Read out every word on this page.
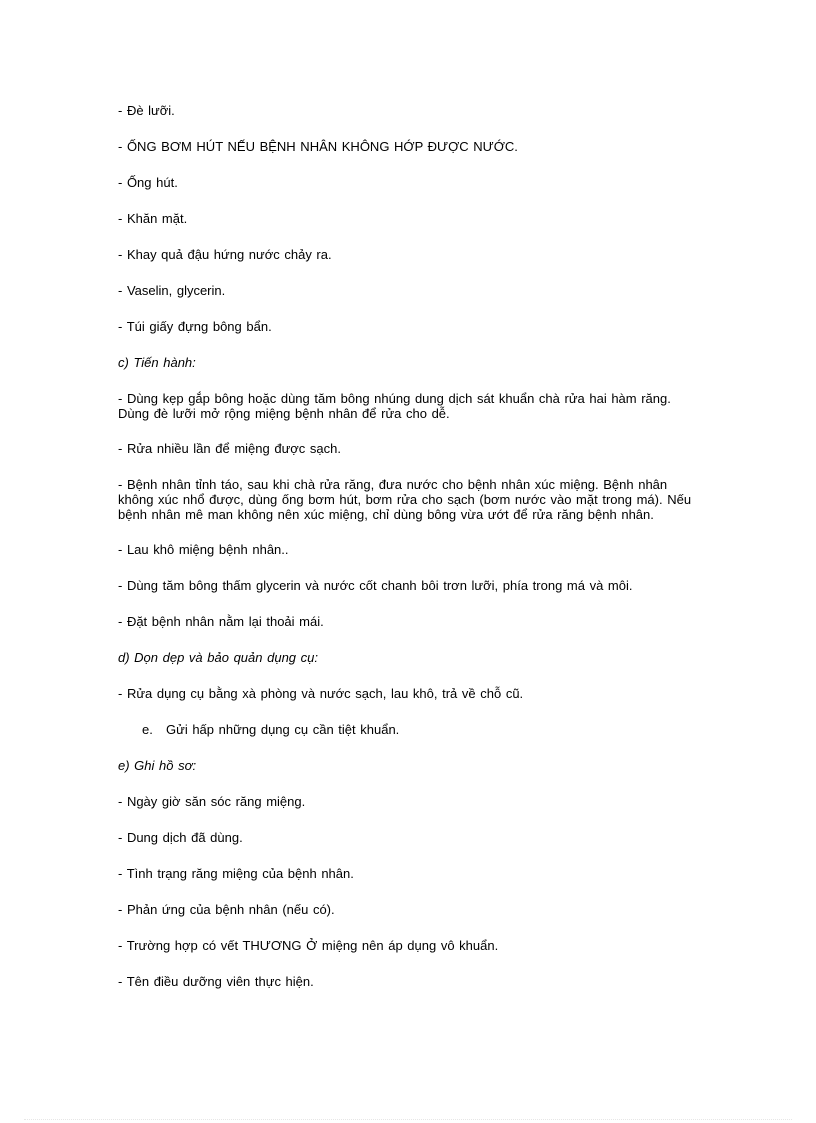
- Đè lưỡi.
- ỐNG BƠM HÚT NẾU BỆNH NHÂN KHÔNG HỚP ĐƯỢC NƯỚC.
- Ống hút.
- Khăn mặt.
- Khay quả đậu hứng nước chảy ra.
- Vaselin, glycerin.
- Túi giấy đựng bông bẩn.
c) Tiến hành:
- Dùng kẹp gắp bông hoặc dùng tăm bông nhúng dung dịch sát khuẩn chà rửa hai hàm răng. Dùng đè lưỡi mở rộng miệng bệnh nhân để rửa cho dễ.
- Rửa nhiều lần để miệng được sạch.
- Bệnh nhân tỉnh táo, sau khi chà rửa răng, đưa nước cho bệnh nhân xúc miệng. Bệnh nhân không xúc nhổ được, dùng ống bơm hút, bơm rửa cho sạch (bơm nước vào mặt trong má). Nếu bệnh nhân mê man không nên xúc miệng, chỉ dùng bông vừa ướt để rửa răng bệnh nhân.
- Lau khô miệng bệnh nhân..
- Dùng tăm bông thấm glycerin và nước cốt chanh bôi trơn lưỡi, phía trong má và môi.
- Đặt bệnh nhân nằm lại thoải mái.
d) Dọn dẹp và bảo quản dụng cụ:
- Rửa dụng cụ bằng xà phòng và nước sạch, lau khô, trả về chỗ cũ.
e. Gửi hấp những dụng cụ cần tiệt khuẩn.
e) Ghi hồ sơ:
- Ngày giờ săn sóc răng miệng.
- Dung dịch đã dùng.
- Tình trạng răng miệng của bệnh nhân.
- Phản ứng của bệnh nhân (nếu có).
- Trường hợp có vết THƯƠNG Ở miệng nên áp dụng vô khuẩn.
- Tên điều dưỡng viên thực hiện.
